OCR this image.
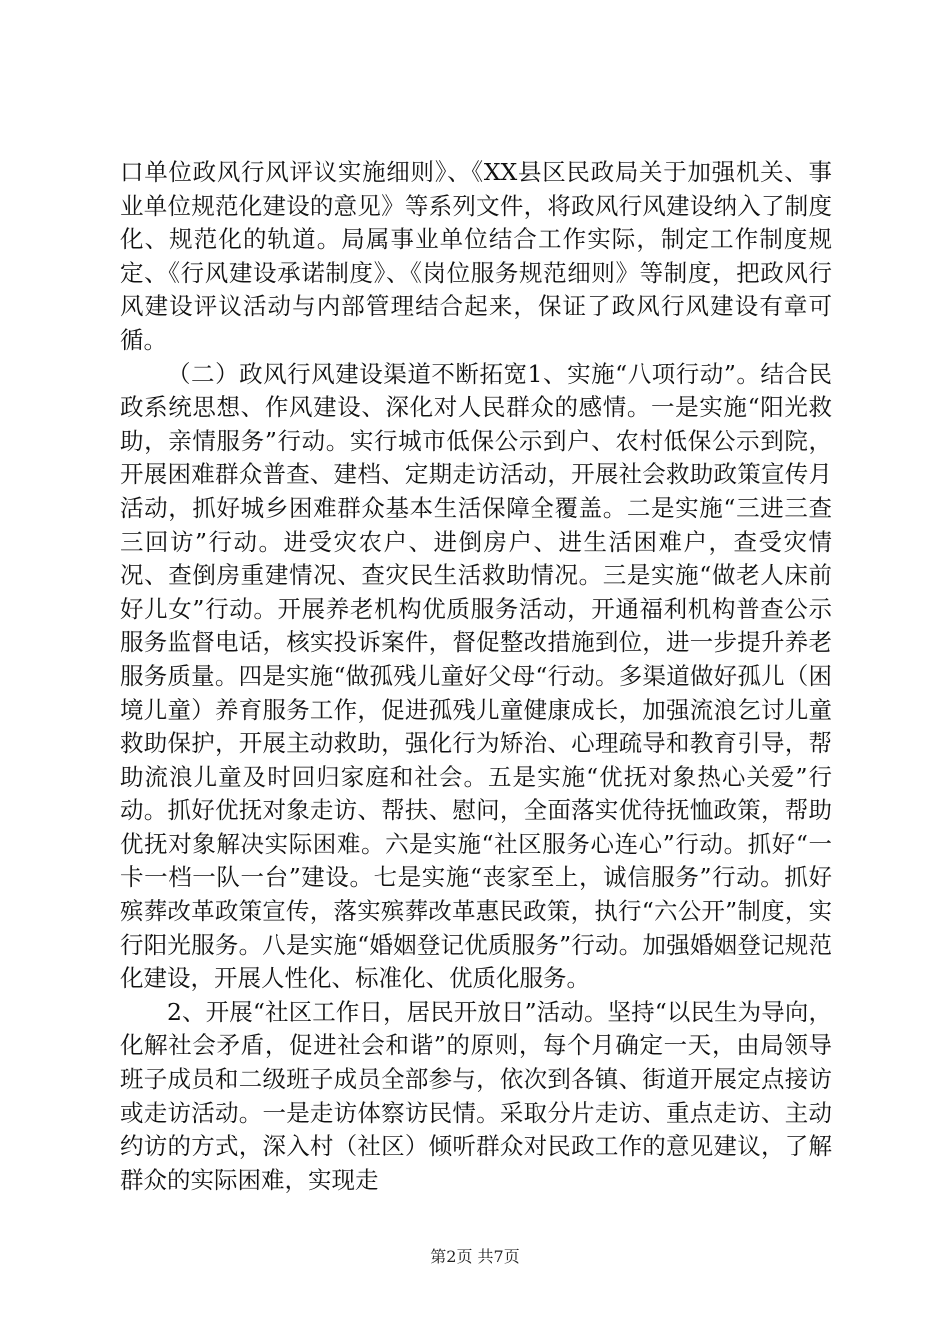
口单位政风行风评议实施细则》、《XX县区民政局关于加强机关、事业单位规范化建设的意见》等系列文件，将政风行风建设纳入了制度化、规范化的轨道。局属事业单位结合工作实际，制定工作制度规定、《行风建设承诺制度》、《岗位服务规范细则》等制度，把政风行风建设评议活动与内部管理结合起来，保证了政风行风建设有章可循。

（二）政风行风建设渠道不断拓宽1、实施“八项行动”。结合民政系统思想、作风建设、深化对人民群众的感情。一是实施“阳光救助，亲情服务”行动。实行城市低保公示到户、农村低保公示到院，开展困难群众普查、建档、定期走访活动，开展社会救助政策宣传月活动，抓好城乡困难群众基本生活保障全覆盖。二是实施“三进三查三回访”行动。进受灾农户、进倒房户、进生活困难户，查受灾情况、查倒房重建情况、查灾民生活救助情况。三是实施“做老人床前好儿女”行动。开展养老机构优质服务活动，开通福利机构普查公示服务监督电话，核实投诉案件，督促整改措施到位，进一步提升养老服务质量。四是实施“做孤残儿童好父母“行动。多渠道做好孤儿（困境儿童）养育服务工作，促进孤残儿童健康成长，加强流浪乞讨儿童救助保护，开展主动救助，强化行为矫治、心理疏导和教育引导，帮助流浪儿童及时回归家庭和社会。五是实施“优抚对象热心关爱”行动。抓好优抚对象走访、帮扶、慰问，全面落实优待抚恤政策，帮助优抚对象解决实际困难。六是实施“社区服务心连心”行动。抓好“一卡一档一队一台”建设。七是实施“丧家至上，诚信服务”行动。抓好殡葬改革政策宣传，落实殡葬改革惠民政策，执行“六公开”制度，实行阳光服务。八是实施“婚姻登记优质服务”行动。加强婚姻登记规范化建设，开展人性化、标准化、优质化服务。

2、开展“社区工作日，居民开放日”活动。坚持“以民生为导向，化解社会矛盾，促进社会和谐”的原则，每个月确定一天，由局领导班子成员和二级班子成员全部参与，依次到各镇、街道开展定点接访或走访活动。一是走访体察访民情。采取分片走访、重点走访、主动约访的方式，深入村（社区）倾听群众对民政工作的意见建议，了解群众的实际困难，实现走

第2页 共7页
